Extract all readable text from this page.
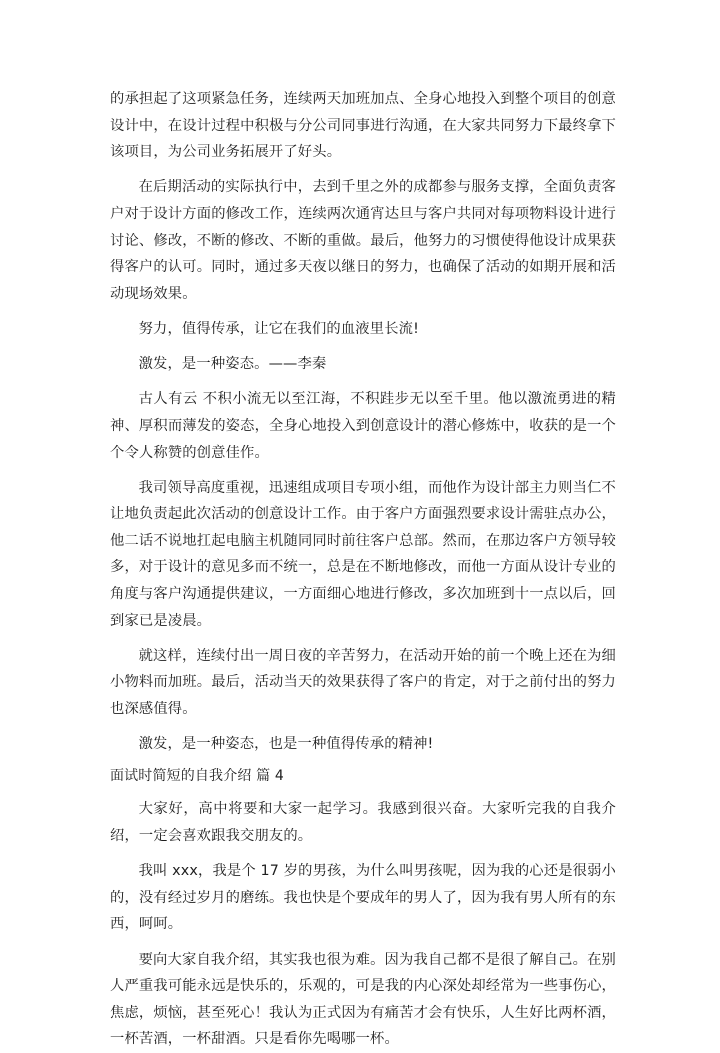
的承担起了这项紧急任务，连续两天加班加点、全身心地投入到整个项目的创意设计中，在设计过程中积极与分公司同事进行沟通，在大家共同努力下最终拿下该项目，为公司业务拓展开了好头。

在后期活动的实际执行中，去到千里之外的成都参与服务支撑，全面负责客户对于设计方面的修改工作，连续两次通宵达旦与客户共同对每项物料设计进行讨论、修改，不断的修改、不断的重做。最后，他努力的习惯使得他设计成果获得客户的认可。同时，通过多天夜以继日的努力，也确保了活动的如期开展和活动现场效果。

努力，值得传承，让它在我们的血液里长流!

激发，是一种姿态。——李秦

古人有云 不积小流无以至江海，不积跬步无以至千里。他以激流勇进的精神、厚积而薄发的姿态，全身心地投入到创意设计的潜心修炼中，收获的是一个个令人称赞的创意佳作。

我司领导高度重视，迅速组成项目专项小组，而他作为设计部主力则当仁不让地负责起此次活动的创意设计工作。由于客户方面强烈要求设计需驻点办公，他二话不说地扛起电脑主机随同同时前往客户总部。然而，在那边客户方领导较多，对于设计的意见多而不统一，总是在不断地修改，而他一方面从设计专业的角度与客户沟通提供建议，一方面细心地进行修改，多次加班到十一点以后，回到家已是凌晨。

就这样，连续付出一周日夜的辛苦努力，在活动开始的前一个晚上还在为细小物料而加班。最后，活动当天的效果获得了客户的肯定，对于之前付出的努力也深感值得。

激发，是一种姿态，也是一种值得传承的精神!

面试时简短的自我介绍 篇 4

大家好，高中将要和大家一起学习。我感到很兴奋。大家听完我的自我介绍，一定会喜欢跟我交朋友的。

我叫 xxx，我是个 17 岁的男孩，为什么叫男孩呢，因为我的心还是很弱小的，没有经过岁月的磨练。我也快是个要成年的男人了，因为我有男人所有的东西，呵呵。

要向大家自我介绍，其实我也很为难。因为我自己都不是很了解自己。在别人严重我可能永远是快乐的，乐观的，可是我的内心深处却经常为一些事伤心，焦虑，烦恼，甚至死心！我认为正式因为有痛苦才会有快乐，人生好比两杯酒，一杯苦酒，一杯甜酒。只是看你先喝哪一杯。
